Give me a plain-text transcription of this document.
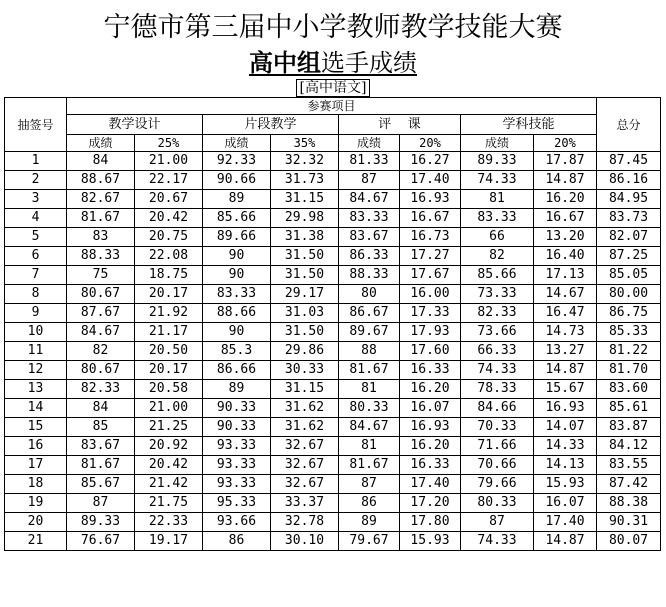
宁德市第三届中小学教师教学技能大赛
高中组选手成绩
[高中语文]
抽签号	参赛项目								总分
	教学设计		片段教学		评    课		学科技能		
	成绩	25%	成绩	35%	成绩	20%	成绩	20%	
1	84	21.00	92.33	32.32	81.33	16.27	89.33	17.87	87.45
2	88.67	22.17	90.66	31.73	87	17.40	74.33	14.87	86.16
3	82.67	20.67	89	31.15	84.67	16.93	81	16.20	84.95
4	81.67	20.42	85.66	29.98	83.33	16.67	83.33	16.67	83.73
5	83	20.75	89.66	31.38	83.67	16.73	66	13.20	82.07
6	88.33	22.08	90	31.50	86.33	17.27	82	16.40	87.25
7	75	18.75	90	31.50	88.33	17.67	85.66	17.13	85.05
8	80.67	20.17	83.33	29.17	80	16.00	73.33	14.67	80.00
9	87.67	21.92	88.66	31.03	86.67	17.33	82.33	16.47	86.75
10	84.67	21.17	90	31.50	89.67	17.93	73.66	14.73	85.33
11	82	20.50	85.3	29.86	88	17.60	66.33	13.27	81.22
12	80.67	20.17	86.66	30.33	81.67	16.33	74.33	14.87	81.70
13	82.33	20.58	89	31.15	81	16.20	78.33	15.67	83.60
14	84	21.00	90.33	31.62	80.33	16.07	84.66	16.93	85.61
15	85	21.25	90.33	31.62	84.67	16.93	70.33	14.07	83.87
16	83.67	20.92	93.33	32.67	81	16.20	71.66	14.33	84.12
17	81.67	20.42	93.33	32.67	81.67	16.33	70.66	14.13	83.55
18	85.67	21.42	93.33	32.67	87	17.40	79.66	15.93	87.42
19	87	21.75	95.33	33.37	86	17.20	80.33	16.07	88.38
20	89.33	22.33	93.66	32.78	89	17.80	87	17.40	90.31
21	76.67	19.17	86	30.10	79.67	15.93	74.33	14.87	80.07
